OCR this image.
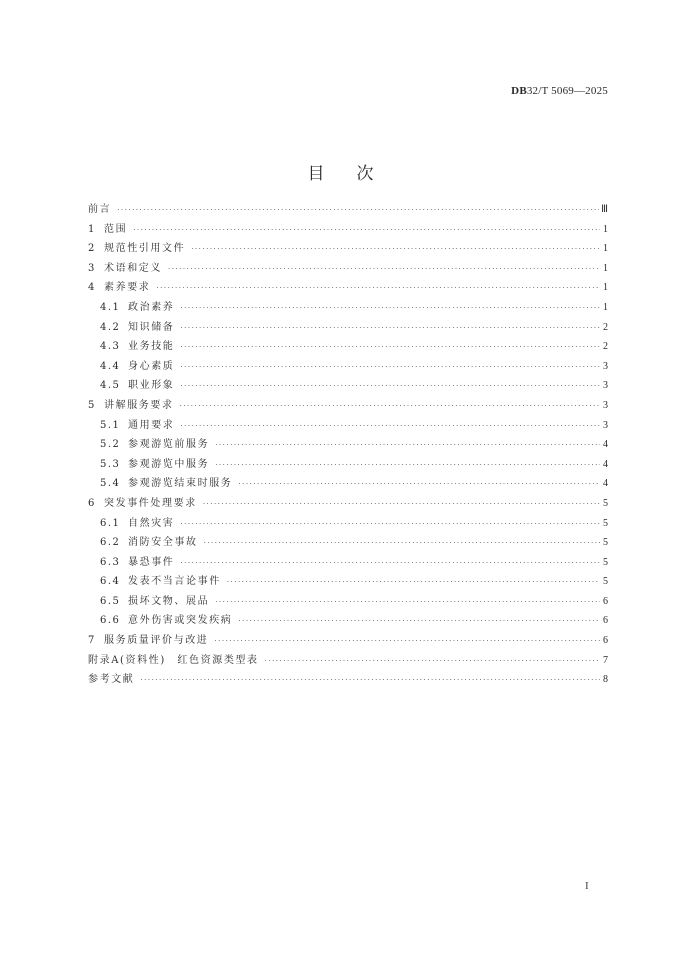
DB32/T 5069—2025
目次
前言 ·····	Ⅲ
1 范围 ·····	1
2 规范性引用文件 ·····	1
3 术语和定义 ·····	1
4 素养要求 ·····	1
4.1 政治素养 ·····	1
4.2 知识储备 ·····	2
4.3 业务技能 ·····	2
4.4 身心素质 ·····	3
4.5 职业形象 ·····	3
5 讲解服务要求 ·····	3
5.1 通用要求 ·····	3
5.2 参观游览前服务 ·····	4
5.3 参观游览中服务 ·····	4
5.4 参观游览结束时服务 ·····	4
6 突发事件处理要求 ·····	5
6.1 自然灾害 ·····	5
6.2 消防安全事故 ·····	5
6.3 暴恐事件 ·····	5
6.4 发表不当言论事件 ·····	5
6.5 损坏文物、展品 ·····	6
6.6 意外伤害或突发疾病 ·····	6
7 服务质量评价与改进 ·····	6
附录A(资料性)　红色资源类型表 ·····	7
参考文献 ·····	8
I
